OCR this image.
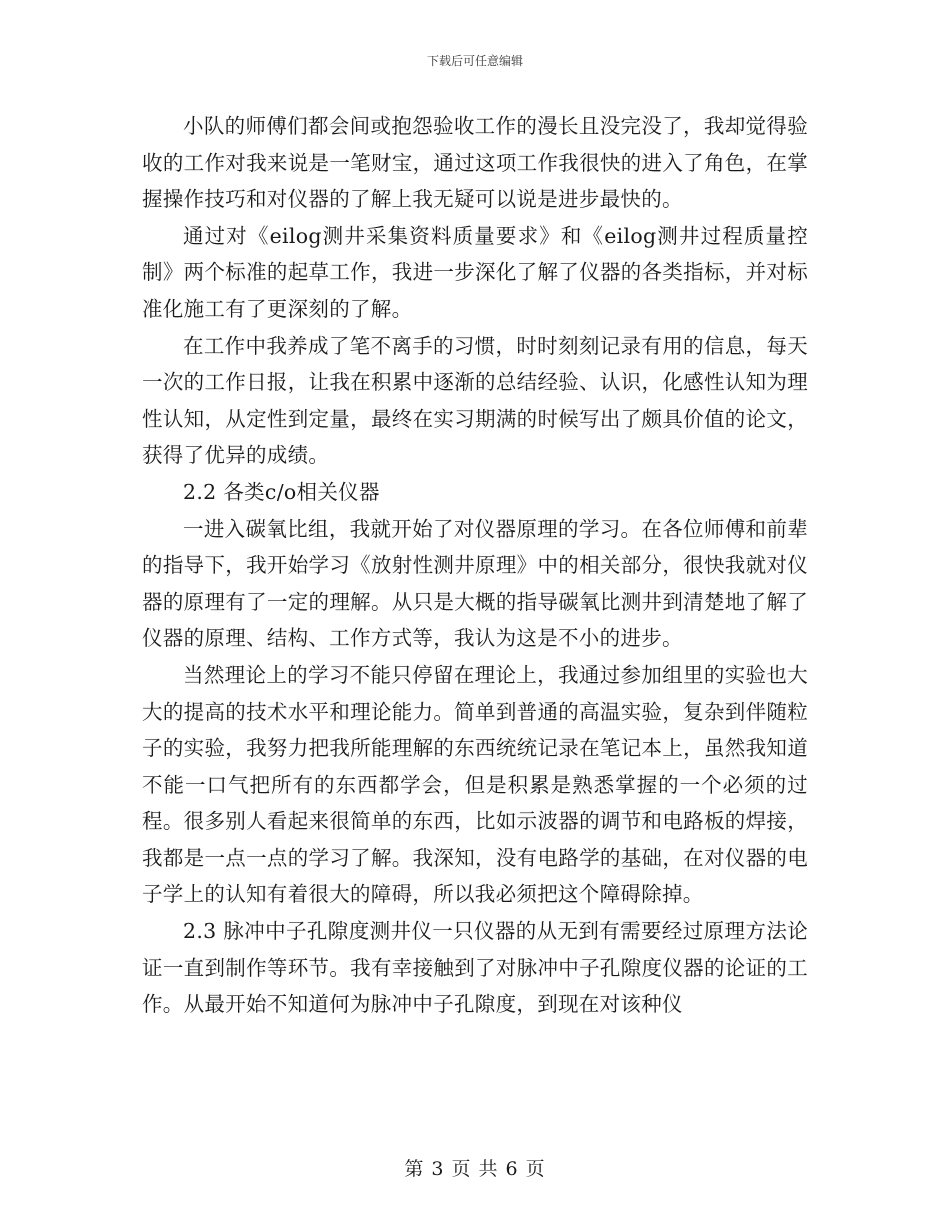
下载后可任意编辑

小队的师傅们都会间或抱怨验收工作的漫长且没完没了，我却觉得验收的工作对我来说是一笔财宝，通过这项工作我很快的进入了角色，在掌握操作技巧和对仪器的了解上我无疑可以说是进步最快的。

通过对《eilog测井采集资料质量要求》和《eilog测井过程质量控制》两个标准的起草工作，我进一步深化了解了仪器的各类指标，并对标准化施工有了更深刻的了解。

在工作中我养成了笔不离手的习惯，时时刻刻记录有用的信息，每天一次的工作日报，让我在积累中逐渐的总结经验、认识，化感性认知为理性认知，从定性到定量，最终在实习期满的时候写出了颇具价值的论文，获得了优异的成绩。

2.2 各类c/o相关仪器

一进入碳氧比组，我就开始了对仪器原理的学习。在各位师傅和前辈的指导下，我开始学习《放射性测井原理》中的相关部分，很快我就对仪器的原理有了一定的理解。从只是大概的指导碳氧比测井到清楚地了解了仪器的原理、结构、工作方式等，我认为这是不小的进步。

当然理论上的学习不能只停留在理论上，我通过参加组里的实验也大大的提高的技术水平和理论能力。简单到普通的高温实验，复杂到伴随粒子的实验，我努力把我所能理解的东西统统记录在笔记本上，虽然我知道不能一口气把所有的东西都学会，但是积累是熟悉掌握的一个必须的过程。很多别人看起来很简单的东西，比如示波器的调节和电路板的焊接，我都是一点一点的学习了解。我深知，没有电路学的基础，在对仪器的电子学上的认知有着很大的障碍，所以我必须把这个障碍除掉。

2.3 脉冲中子孔隙度测井仪一只仪器的从无到有需要经过原理方法论证一直到制作等环节。我有幸接触到了对脉冲中子孔隙度仪器的论证的工作。从最开始不知道何为脉冲中子孔隙度，到现在对该种仪

第 3 页 共 6 页
